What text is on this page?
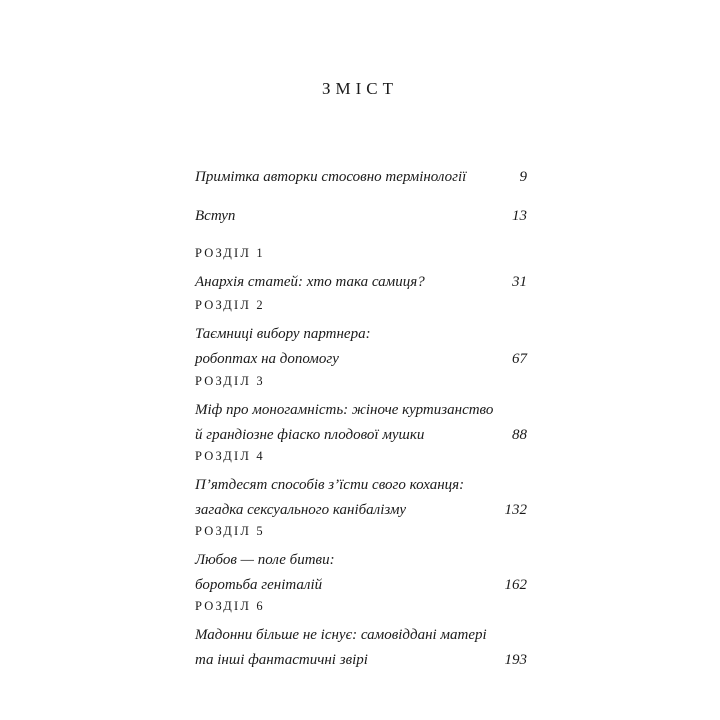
ЗМІСТ
Примітка авторки стосовно термінології	9
Вступ	13
РОЗДІЛ 1
Анархія статей: хто така самиця?	31
РОЗДІЛ 2
Таємниці вибору партнера:
робоптах на допомогу	67
РОЗДІЛ 3
Міф про моногамність: жіноче куртизанство
й грандіозне фіаско плодової мушки	88
РОЗДІЛ 4
П’ятдесят способів з’їсти свого коханця:
загадка сексуального канібалізму	132
РОЗДІЛ 5
Любов — поле битви:
боротьба геніталій	162
РОЗДІЛ 6
Мадонни більше не існує: самовіддані матері
та інші фантастичні звірі	193
